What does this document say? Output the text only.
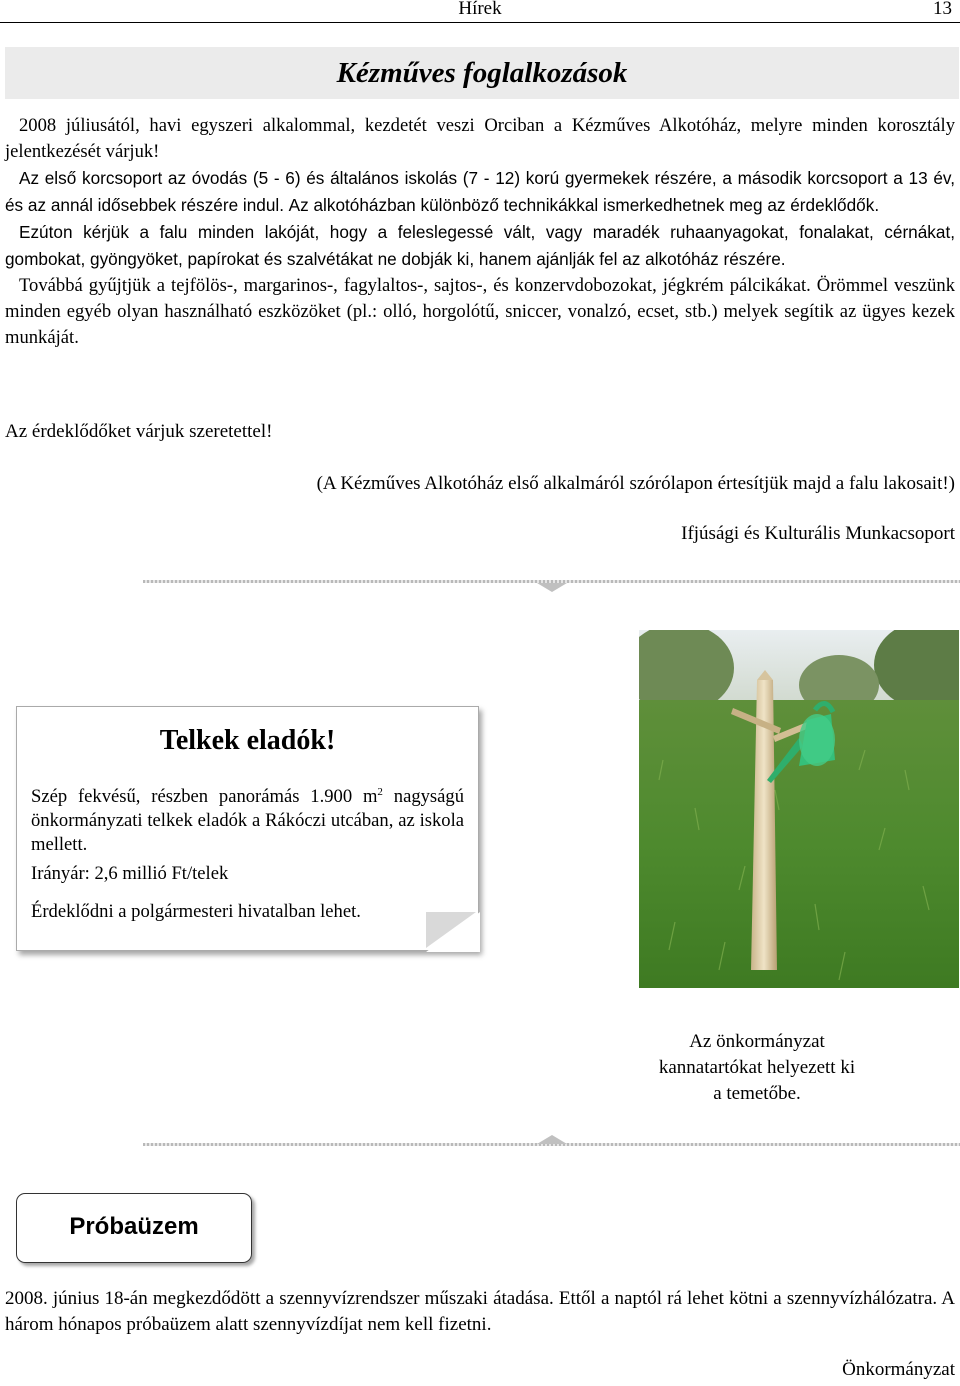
Hírek	13
Kézműves foglalkozások

2008 júliusától, havi egyszeri alkalommal, kezdetét veszi Orciban a Kézműves Alkotóház, melyre minden korosztály jelentkezését várjuk!

Az első korcsoport az óvodás (5 - 6) és általános iskolás (7 - 12) korú gyermekek részére, a második korcsoport a 13 év, és az annál idősebbek részére indul. Az alkotóházban különböző technikákkal ismerkedhetnek meg az érdeklődők.

Ezúton kérjük a falu minden lakóját, hogy a feleslegessé vált, vagy maradék ruhaanyagokat, fonalakat, cérnákat, gombokat, gyöngyöket, papírokat és szalvétákat ne dobják ki, hanem ajánlják fel az alkotóház részére.

Továbbá gyűjtjük a tejfölös-, margarinos-, fagylaltos-, sajtos-, és konzervdobozokat, jégkrém pálcikákat. Örömmel veszünk minden egyéb olyan használható eszközöket (pl.: olló, horgolótű, sniccer, vonalzó, ecset, stb.) melyek segítik az ügyes kezek munkáját.

Az érdeklődőket várjuk szeretettel!
(A Kézműves Alkotóház első alkalmáról szórólapon értesítjük majd a falu lakosait!)
Ifjúsági és Kulturális Munkacsoport
Telkek eladók!
Szép fekvésű, részben panorámás 1.900 $m^2$ nagyságú önkormányzati telkek eladók a Rákóczi utcában, az iskola mellett.
Irányár: 2,6 millió Ft/telek
Érdeklődni a polgármesteri hivatalban lehet.
Az önkormányzat
kannatartókat helyezett ki
a temetőbe.
Próbaüzem
2008. június 18-án megkezdődött a szennyvízrendszer műszaki átadása. Ettől a naptól rá lehet kötni a szennyvízhálózatra. A három hónapos próbaüzem alatt szennyvízdíjat nem kell fizetni.
Önkormányzat
